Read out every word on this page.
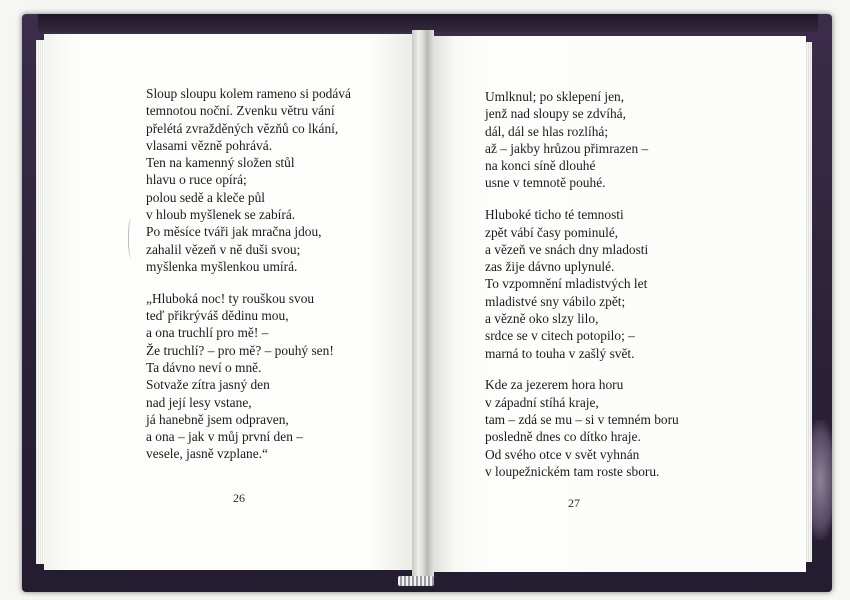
Sloup sloupu kolem rameno si podává
temnotou noční. Zvenku větru vání
přelétá zvražděných vězňů co lkání,
vlasami vězně pohrává.
Ten na kamenný složen stůl
hlavu o ruce opírá;
polou sedě a kleče půl
v hloub myšlenek se zabírá.
Po měsíce tváři jak mračna jdou,
zahalil vězeň v ně duši svou;
myšlenka myšlenkou umírá.
„Hluboká noc! ty rouškou svou
teď přikrýváš dědinu mou,
a ona truchlí pro mě! –
Že truchlí? – pro mě? – pouhý sen!
Ta dávno neví o mně.
Sotvaže zítra jasný den
nad její lesy vstane,
já hanebně jsem odpraven,
a ona – jak v můj první den –
vesele, jasně vzplane.“
26
Umlknul; po sklepení jen,
jenž nad sloupy se zdvíhá,
dál, dál se hlas rozlíhá;
až – jakby hrůzou přimrazen –
na konci síně dlouhé
usne v temnotě pouhé.
Hluboké ticho té temnosti
zpět vábí časy pominulé,
a vězeň ve snách dny mladosti
zas žije dávno uplynulé.
To vzpomnění mladistvých let
mladistvé sny vábilo zpět;
a vězně oko slzy lilo,
srdce se v citech potopilo; –
marná to touha v zašlý svět.
Kde za jezerem hora horu
v západní stíhá kraje,
tam – zdá se mu – si v temném boru
posledně dnes co dítko hraje.
Od svého otce v svět vyhnán
v loupežnickém tam roste sboru.
27
